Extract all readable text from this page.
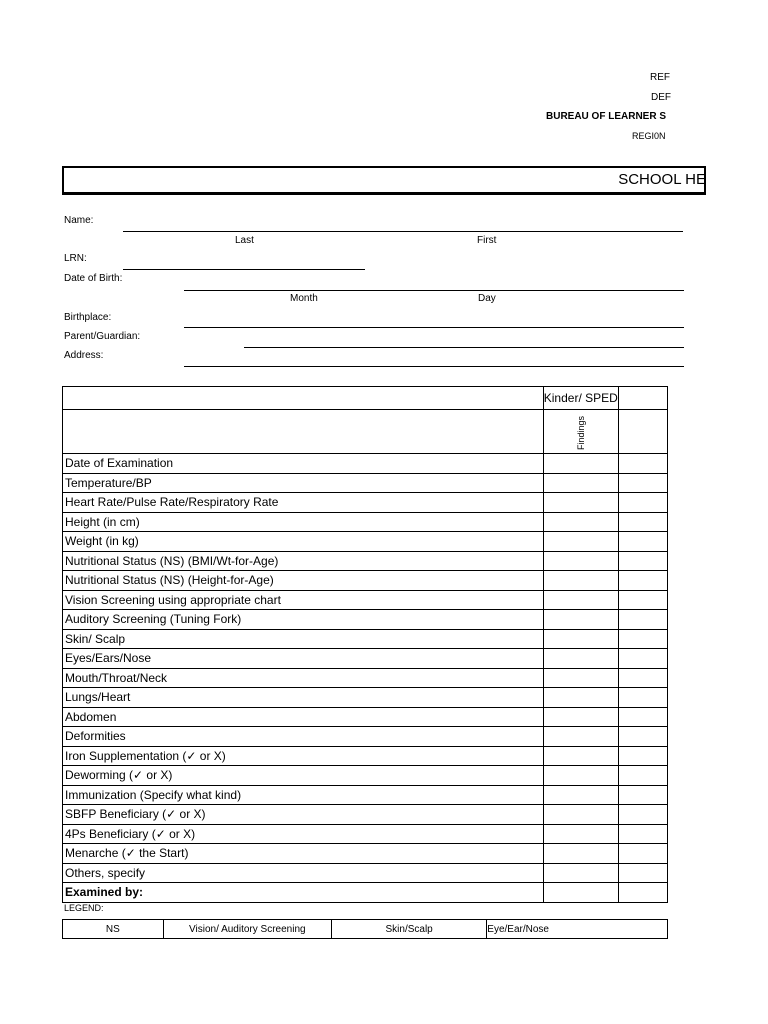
REF
DEF
BUREAU OF LEARNER S
REGI0N
SCHOOL HE
Name:
Last	First
LRN:
Date of Birth:
Month	Day
Birthplace:
Parent/Guardian:
Address:
	Kinder/ SPED	
	Findings	
Date of Examination		
Temperature/BP		
Heart Rate/Pulse Rate/Respiratory Rate		
Height (in cm)		
Weight (in kg)		
Nutritional Status (NS) (BMI/Wt-for-Age)		
Nutritional Status (NS) (Height-for-Age)		
Vision Screening using appropriate chart		
Auditory Screening (Tuning Fork)		
Skin/ Scalp		
Eyes/Ears/Nose		
Mouth/Throat/Neck		
Lungs/Heart		
Abdomen		
Deformities		
Iron Supplementation (✓ or X)		
Deworming (✓ or X)		
Immunization (Specify what kind)		
SBFP Beneficiary (✓ or X)		
4Ps Beneficiary (✓ or X)		
Menarche (✓ the Start)		
Others, specify		
Examined by:		
LEGEND:
NS	Vision/ Auditory Screening	Skin/Scalp	Eye/Ear/Nose
